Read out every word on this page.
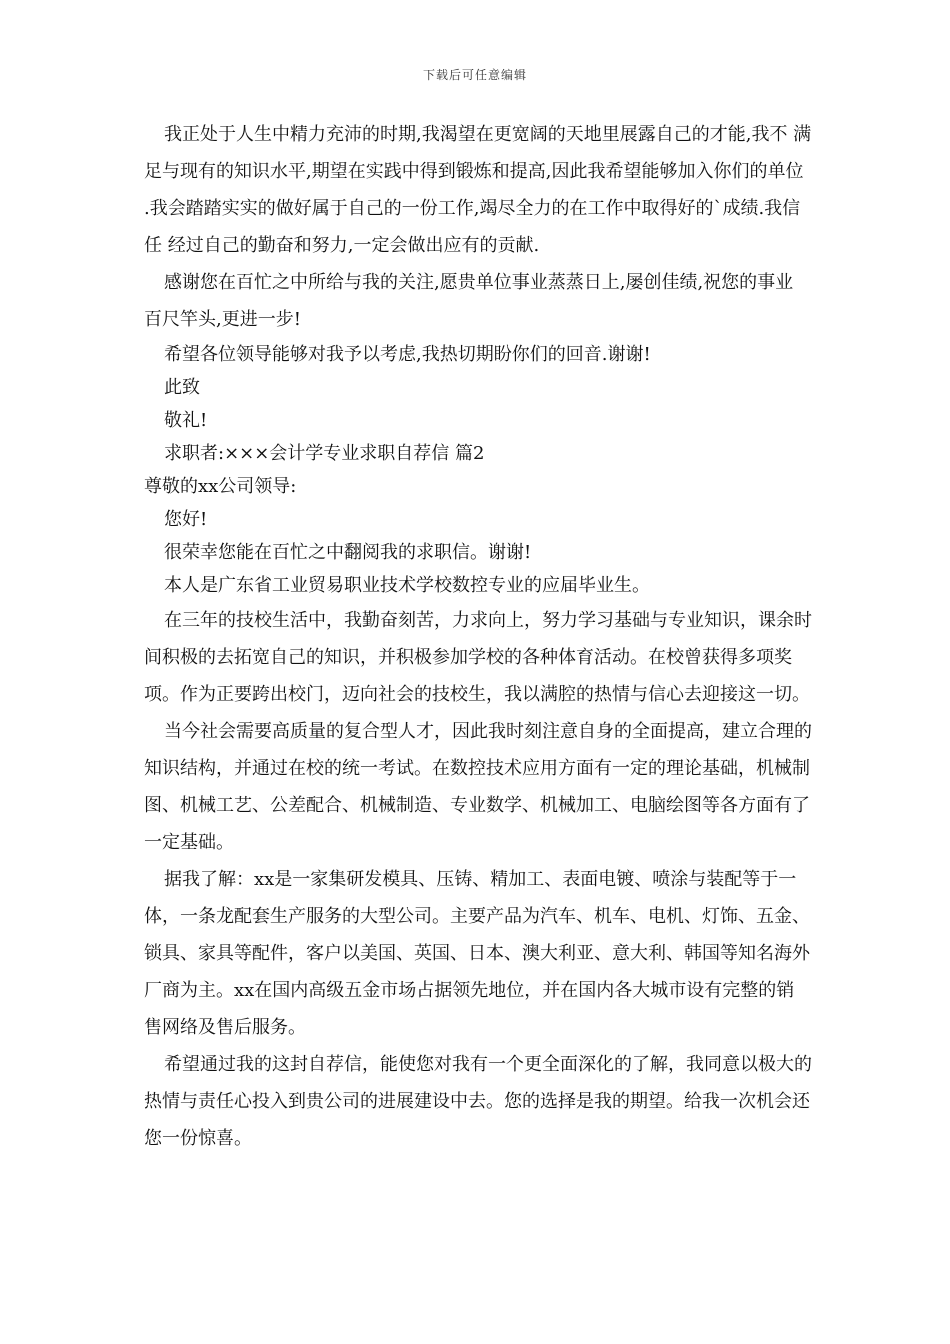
下载后可任意编辑

我正处于人生中精力充沛的时期,我渴望在更宽阔的天地里展露自己的才能,我不 满足与现有的知识水平,期望在实践中得到锻炼和提高,因此我希望能够加入你们的单位 .我会踏踏实实的做好属于自己的一份工作,竭尽全力的在工作中取得好的`成绩.我信任 经过自己的勤奋和努力,一定会做出应有的贡献.

感谢您在百忙之中所给与我的关注,愿贵单位事业蒸蒸日上,屡创佳绩,祝您的事业 百尺竿头,更进一步!

希望各位领导能够对我予以考虑,我热切期盼你们的回音.谢谢!

此致

敬礼!

求职者:×××会计学专业求职自荐信 篇2

尊敬的xx公司领导:

您好!

很荣幸您能在百忙之中翻阅我的求职信。谢谢!

本人是广东省工业贸易职业技术学校数控专业的应届毕业生。

在三年的技校生活中，我勤奋刻苦，力求向上，努力学习基础与专业知识，课余时间积极的去拓宽自己的知识，并积极参加学校的各种体育活动。在校曾获得多项奖项。作为正要跨出校门，迈向社会的技校生，我以满腔的热情与信心去迎接这一切。

当今社会需要高质量的复合型人才，因此我时刻注意自身的全面提高，建立合理的知识结构，并通过在校的统一考试。在数控技术应用方面有一定的理论基础，机械制图、机械工艺、公差配合、机械制造、专业数学、机械加工、电脑绘图等各方面有了一定基础。

据我了解：xx是一家集研发模具、压铸、精加工、表面电镀、喷涂与装配等于一体，一条龙配套生产服务的大型公司。主要产品为汽车、机车、电机、灯饰、五金、锁具、家具等配件，客户以美国、英国、日本、澳大利亚、意大利、韩国等知名海外厂商为主。xx在国内高级五金市场占据领先地位，并在国内各大城市设有完整的销售网络及售后服务。

希望通过我的这封自荐信，能使您对我有一个更全面深化的了解，我同意以极大的热情与责任心投入到贵公司的进展建设中去。您的选择是我的期望。给我一次机会还您一份惊喜。
